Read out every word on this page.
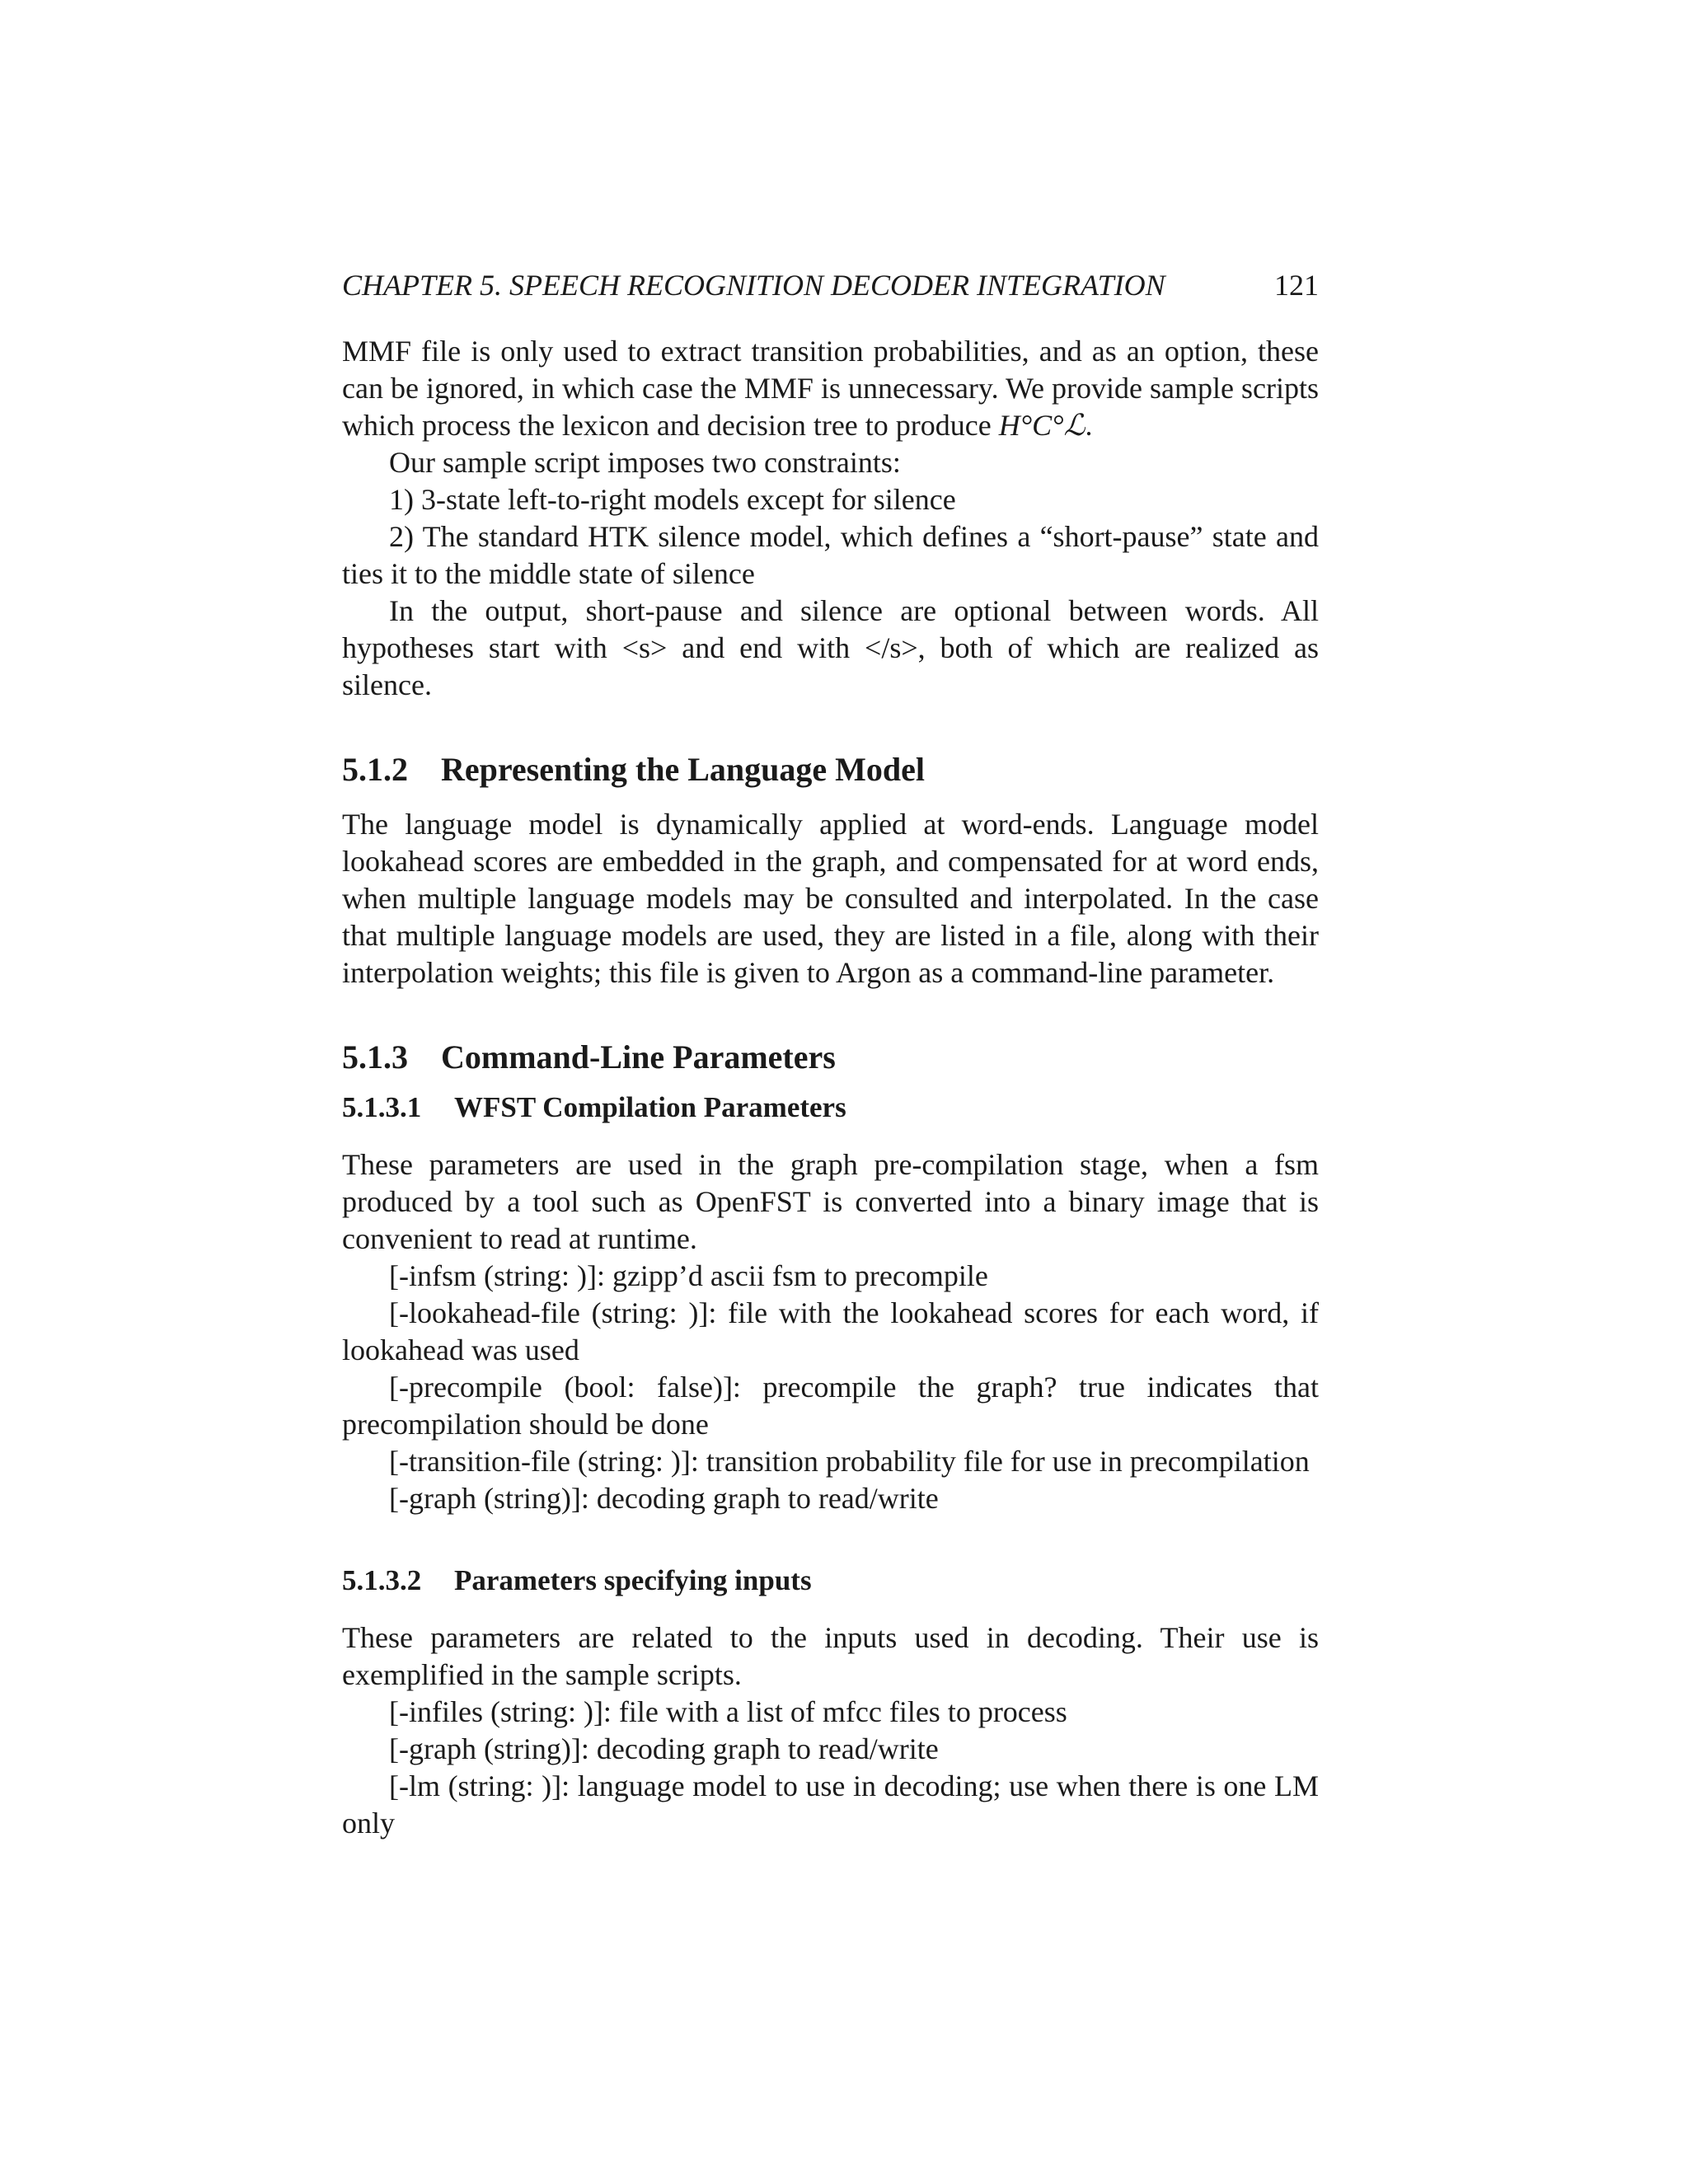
CHAPTER 5. SPEECH RECOGNITION DECODER INTEGRATION	121

MMF file is only used to extract transition probabilities, and as an option, these can be ignored, in which case the MMF is unnecessary. We provide sample scripts which process the lexicon and decision tree to produce H°C°ℒ.

Our sample script imposes two constraints:

1) 3-state left-to-right models except for silence

2) The standard HTK silence model, which defines a “short-pause” state and ties it to the middle state of silence

In the output, short-pause and silence are optional between words. All hypotheses start with <s> and end with </s>, both of which are realized as silence.

5.1.2 Representing the Language Model

The language model is dynamically applied at word-ends. Language model lookahead scores are embedded in the graph, and compensated for at word ends, when multiple language models may be consulted and interpolated. In the case that multiple language models are used, they are listed in a file, along with their interpolation weights; this file is given to Argon as a command-line parameter.

5.1.3 Command-Line Parameters
5.1.3.1 WFST Compilation Parameters

These parameters are used in the graph pre-compilation stage, when a fsm produced by a tool such as OpenFST is converted into a binary image that is convenient to read at runtime.

[-infsm (string: )]: gzipp’d ascii fsm to precompile

[-lookahead-file (string: )]: file with the lookahead scores for each word, if lookahead was used

[-precompile (bool: false)]: precompile the graph? true indicates that precompilation should be done

[-transition-file (string: )]: transition probability file for use in precompilation

[-graph (string)]: decoding graph to read/write

5.1.3.2 Parameters specifying inputs

These parameters are related to the inputs used in decoding. Their use is exemplified in the sample scripts.

[-infiles (string: )]: file with a list of mfcc files to process

[-graph (string)]: decoding graph to read/write

[-lm (string: )]: language model to use in decoding; use when there is one LM only
